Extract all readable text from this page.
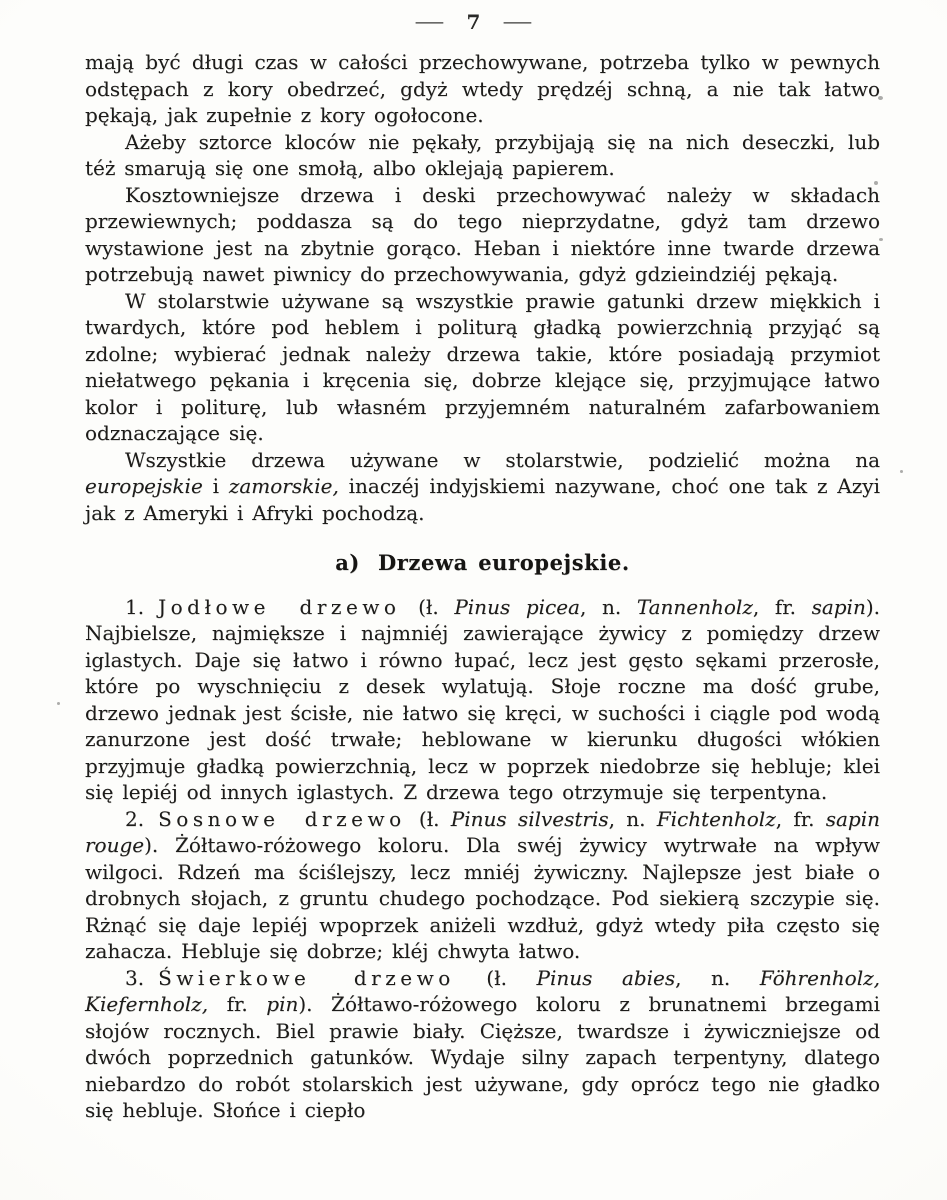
— 7 —

mają być długi czas w całości przechowywane, potrzeba tylko w pewnych odstępach z kory obedrzeć, gdyż wtedy prędzéj schną, a nie tak łatwo pękają, jak zupełnie z kory ogołocone.

Ażeby sztorce kloców nie pękały, przybijają się na nich deseczki, lub téż smarują się one smołą, albo oklejają papierem.

Kosztowniejsze drzewa i deski przechowywać należy w składach przewiewnych; poddasza są do tego nieprzydatne, gdyż tam drzewo wystawione jest na zbytnie gorąco. Heban i niektóre inne twarde drzewa potrzebują nawet piwnicy do przechowywania, gdyż gdzieindziéj pękają.

W stolarstwie używane są wszystkie prawie gatunki drzew miękkich i twardych, które pod heblem i politurą gładką powierzchnią przyjąć są zdolne; wybierać jednak należy drzewa takie, które posiadają przymiot niełatwego pękania i kręcenia się, dobrze klejące się, przyjmujące łatwo kolor i politurę, lub własném przyjemném naturalném zafarbowaniem odznaczające się.

Wszystkie drzewa używane w stolarstwie, podzielić można na europejskie i zamorskie, inaczéj indyjskiemi nazywane, choć one tak z Azyi jak z Ameryki i Afryki pochodzą.

a) Drzewa europejskie.

1. Jodłowe drzewo (ł. Pinus picea, n. Tannenholz, fr. sapin). Najbielsze, najmiększe i najmniéj zawierające żywicy z pomiędzy drzew iglastych. Daje się łatwo i równo łupać, lecz jest gęsto sękami przerosłe, które po wyschnięciu z desek wylatują. Słoje roczne ma dość grube, drzewo jednak jest ścisłe, nie łatwo się kręci, w suchości i ciągle pod wodą zanurzone jest dość trwałe; heblowane w kierunku długości włókien przyjmuje gładką powierzchnią, lecz w poprzek niedobrze się hebluje; klei się lepiéj od innych iglastych. Z drzewa tego otrzymuje się terpentyna.

2. Sosnowe drzewo (ł. Pinus silvestris, n. Fichtenholz, fr. sapin rouge). Żółtawo-różowego koloru. Dla swéj żywicy wytrwałe na wpływ wilgoci. Rdzeń ma ściślejszy, lecz mniéj żywiczny. Najlepsze jest białe o drobnych słojach, z gruntu chudego pochodzące. Pod siekierą szczypie się. Rżnąć się daje lepiéj wpoprzek aniżeli wzdłuż, gdyż wtedy piła często się zahacza. Hebluje się dobrze; kléj chwyta łatwo.

3. Świerkowe drzewo (ł. Pinus abies, n. Föhrenholz, Kiefernholz, fr. pin). Żółtawo-różowego koloru z brunatnemi brzegami słojów rocznych. Biel prawie biały. Cięższe, twardsze i żywiczniejsze od dwóch poprzednich gatunków. Wydaje silny zapach terpentyny, dlatego niebardzo do robót stolarskich jest używane, gdy oprócz tego nie gładko się hebluje. Słońce i ciepło
